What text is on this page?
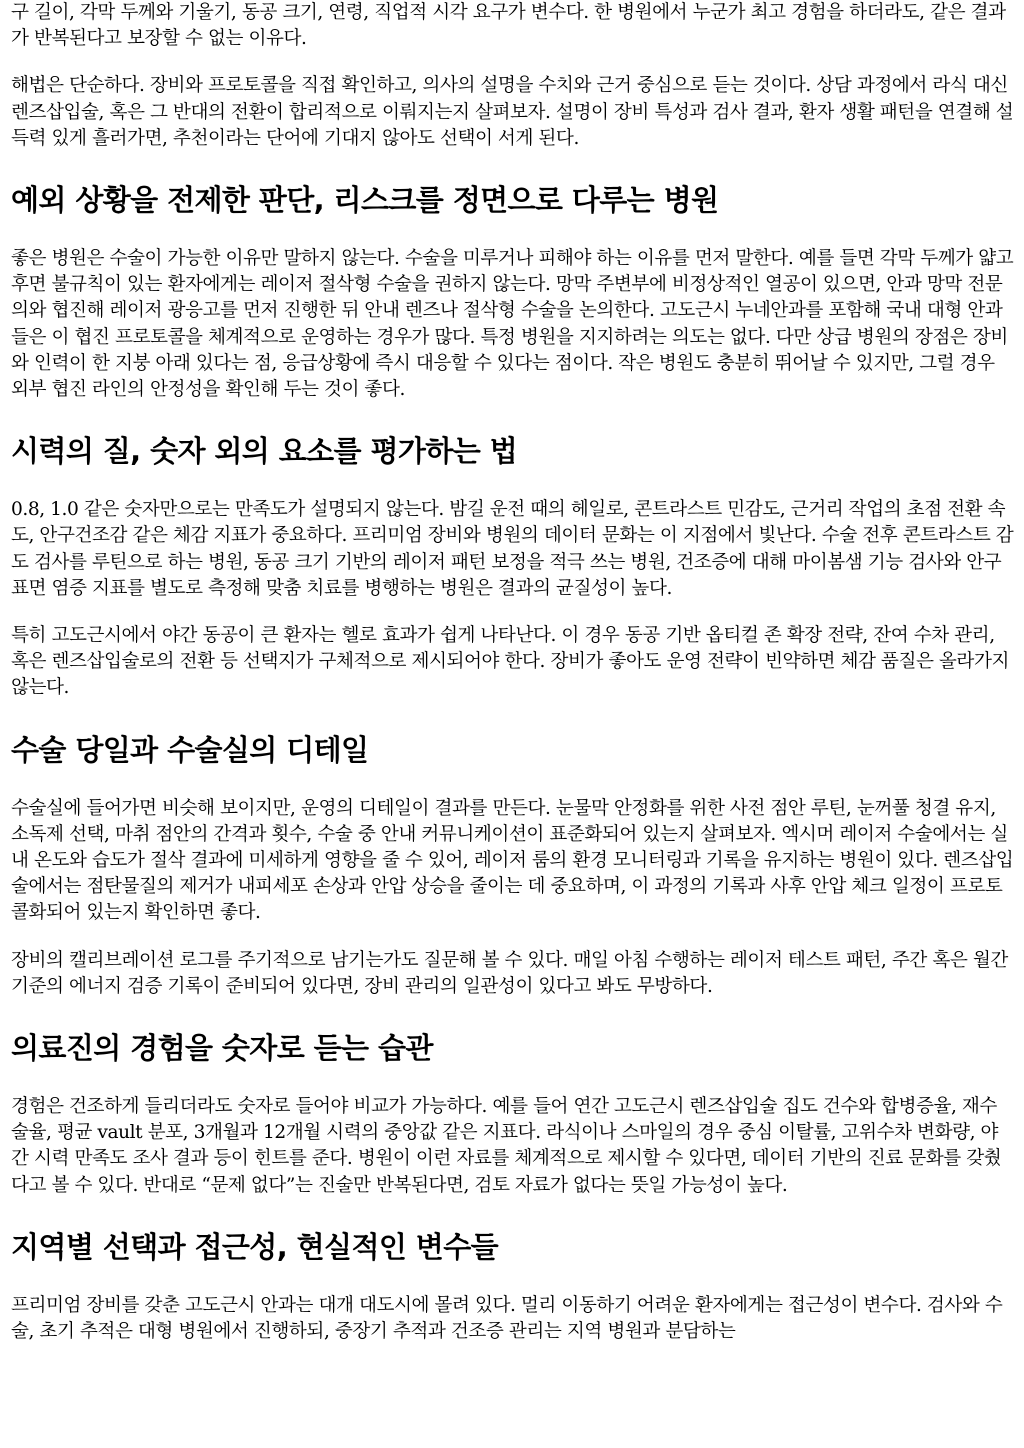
구 길이, 각막 두께와 기울기, 동공 크기, 연령, 직업적 시각 요구가 변수다. 한 병원에서 누군가 최고 경험을 하더라도, 같은 결과가 반복된다고 보장할 수 없는 이유다.

해법은 단순하다. 장비와 프로토콜을 직접 확인하고, 의사의 설명을 수치와 근거 중심으로 듣는 것이다. 상담 과정에서 라식 대신 렌즈삽입술, 혹은 그 반대의 전환이 합리적으로 이뤄지는지 살펴보자. 설명이 장비 특성과 검사 결과, 환자 생활 패턴을 연결해 설득력 있게 흘러가면, 추천이라는 단어에 기대지 않아도 선택이 서게 된다.

예외 상황을 전제한 판단, 리스크를 정면으로 다루는 병원

좋은 병원은 수술이 가능한 이유만 말하지 않는다. 수술을 미루거나 피해야 하는 이유를 먼저 말한다. 예를 들면 각막 두께가 얇고 후면 불규칙이 있는 환자에게는 레이저 절삭형 수술을 권하지 않는다. 망막 주변부에 비정상적인 열공이 있으면, 안과 망막 전문의와 협진해 레이저 광응고를 먼저 진행한 뒤 안내 렌즈나 절삭형 수술을 논의한다. 고도근시 누네안과를 포함해 국내 대형 안과들은 이 협진 프로토콜을 체계적으로 운영하는 경우가 많다. 특정 병원을 지지하려는 의도는 없다. 다만 상급 병원의 장점은 장비와 인력이 한 지붕 아래 있다는 점, 응급상황에 즉시 대응할 수 있다는 점이다. 작은 병원도 충분히 뛰어날 수 있지만, 그럴 경우 외부 협진 라인의 안정성을 확인해 두는 것이 좋다.

시력의 질, 숫자 외의 요소를 평가하는 법

0.8, 1.0 같은 숫자만으로는 만족도가 설명되지 않는다. 밤길 운전 때의 헤일로, 콘트라스트 민감도, 근거리 작업의 초점 전환 속도, 안구건조감 같은 체감 지표가 중요하다. 프리미엄 장비와 병원의 데이터 문화는 이 지점에서 빛난다. 수술 전후 콘트라스트 감도 검사를 루틴으로 하는 병원, 동공 크기 기반의 레이저 패턴 보정을 적극 쓰는 병원, 건조증에 대해 마이봄샘 기능 검사와 안구표면 염증 지표를 별도로 측정해 맞춤 치료를 병행하는 병원은 결과의 균질성이 높다.

특히 고도근시에서 야간 동공이 큰 환자는 헬로 효과가 쉽게 나타난다. 이 경우 동공 기반 옵티컬 존 확장 전략, 잔여 수차 관리, 혹은 렌즈삽입술로의 전환 등 선택지가 구체적으로 제시되어야 한다. 장비가 좋아도 운영 전략이 빈약하면 체감 품질은 올라가지 않는다.

수술 당일과 수술실의 디테일

수술실에 들어가면 비슷해 보이지만, 운영의 디테일이 결과를 만든다. 눈물막 안정화를 위한 사전 점안 루틴, 눈꺼풀 청결 유지, 소독제 선택, 마취 점안의 간격과 횟수, 수술 중 안내 커뮤니케이션이 표준화되어 있는지 살펴보자. 엑시머 레이저 수술에서는 실내 온도와 습도가 절삭 결과에 미세하게 영향을 줄 수 있어, 레이저 룸의 환경 모니터링과 기록을 유지하는 병원이 있다. 렌즈삽입술에서는 점탄물질의 제거가 내피세포 손상과 안압 상승을 줄이는 데 중요하며, 이 과정의 기록과 사후 안압 체크 일정이 프로토콜화되어 있는지 확인하면 좋다.

장비의 캘리브레이션 로그를 주기적으로 남기는가도 질문해 볼 수 있다. 매일 아침 수행하는 레이저 테스트 패턴, 주간 혹은 월간 기준의 에너지 검증 기록이 준비되어 있다면, 장비 관리의 일관성이 있다고 봐도 무방하다.

의료진의 경험을 숫자로 듣는 습관

경험은 건조하게 들리더라도 숫자로 들어야 비교가 가능하다. 예를 들어 연간 고도근시 렌즈삽입술 집도 건수와 합병증율, 재수술율, 평균 vault 분포, 3개월과 12개월 시력의 중앙값 같은 지표다. 라식이나 스마일의 경우 중심 이탈률, 고위수차 변화량, 야간 시력 만족도 조사 결과 등이 힌트를 준다. 병원이 이런 자료를 체계적으로 제시할 수 있다면, 데이터 기반의 진료 문화를 갖췄다고 볼 수 있다. 반대로 “문제 없다”는 진술만 반복된다면, 검토 자료가 없다는 뜻일 가능성이 높다.

지역별 선택과 접근성, 현실적인 변수들

프리미엄 장비를 갖춘 고도근시 안과는 대개 대도시에 몰려 있다. 멀리 이동하기 어려운 환자에게는 접근성이 변수다. 검사와 수술, 초기 추적은 대형 병원에서 진행하되, 중장기 추적과 건조증 관리는 지역 병원과 분담하는
